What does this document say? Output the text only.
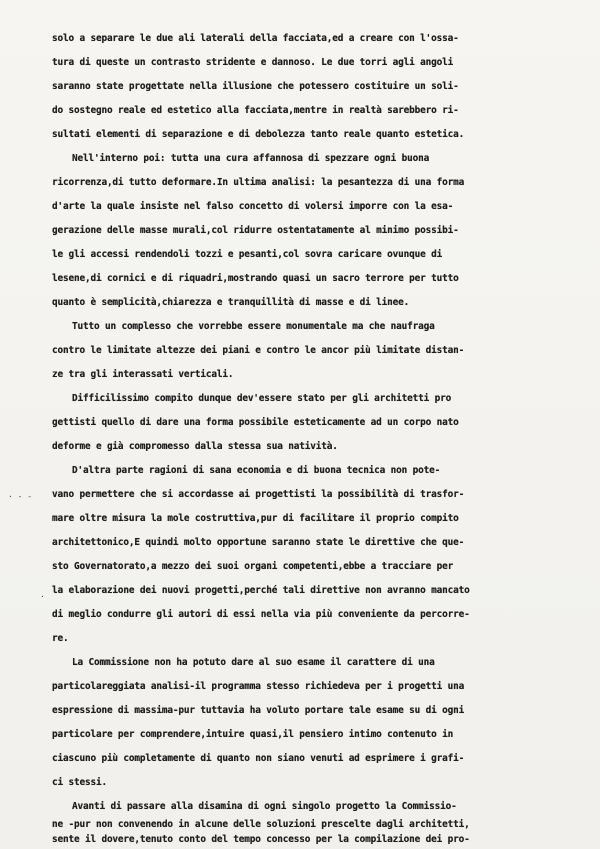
solo a separare le due ali laterali della facciata,ed a creare con l'ossa-
tura di queste un contrasto stridente e dannoso. Le due torri agli angoli
saranno state progettate nella illusione che potessero costituire un soli-
do sostegno reale ed estetico alla facciata,mentre in realtà sarebbero ri-
sultati elementi di separazione e di debolezza tanto reale quanto estetica.
Nell'interno poi: tutta una cura affannosa di spezzare ogni buona
ricorrenza,di tutto deformare.In ultima analisi: la pesantezza di una forma
d'arte la quale insiste nel falso concetto di volersi imporre con la esa-
gerazione delle masse murali,col ridurre ostentatamente al minimo possibi-
le gli accessi rendendoli tozzi e pesanti,col sovra caricare ovunque di
lesene,di cornici e di riquadri,mostrando quasi un sacro terrore per tutto
quanto è semplicità,chiarezza e tranquillità di masse e di linee.
Tutto un complesso che vorrebbe essere monumentale ma che naufraga
contro le limitate altezze dei piani e contro le ancor più limitate distan-
ze tra gli interassati verticali.
Difficilissimo compito dunque dev'essere stato per gli architetti pro
gettisti quello di dare una forma possibile esteticamente ad un corpo nato
deforme e già compromesso dalla stessa sua natività.
D'altra parte ragioni di sana economia e di buona tecnica non pote-
vano permettere che si accordasse ai progettisti la possibilità di trasfor-
mare oltre misura la mole costruttiva,pur di facilitare il proprio compito
architettonico,E quindi molto opportune saranno state le direttive che que-
sto Governatorato,a mezzo dei suoi organi competenti,ebbe a tracciare per
la elaborazione dei nuovi progetti,perché tali direttive non avranno mancato
di meglio condurre gli autori di essi nella via più conveniente da percorre-
re.
La Commissione non ha potuto dare al suo esame il carattere di una
particolareggiata analisi-il programma stesso richiedeva per i progetti una
espressione di massima-pur tuttavia ha voluto portare tale esame su di ogni
particolare per comprendere,intuire quasi,il pensiero intimo contenuto in
ciascuno più completamente di quanto non siano venuti ad esprimere i grafi-
ci stessi.
Avanti di passare alla disamina di ogni singolo progetto la Commissio-
ne -pur non convenendo in alcune delle soluzioni prescelte dagli architetti,
sente il dovere,tenuto conto del tempo concesso per la compilazione dei pro-
· - -
·
